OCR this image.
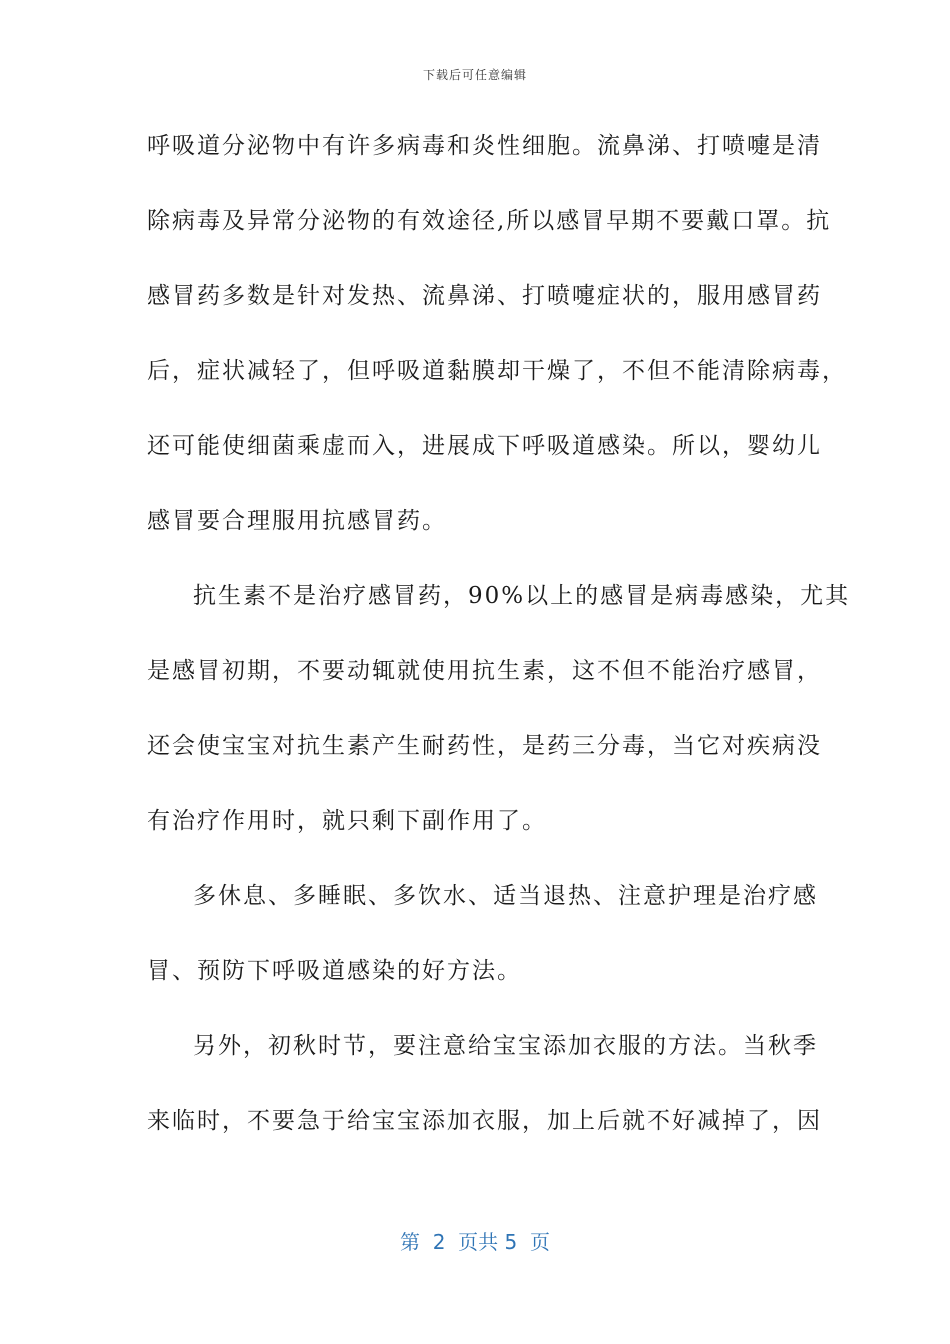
下载后可任意编辑
呼吸道分泌物中有许多病毒和炎性细胞。流鼻涕、打喷嚏是清
除病毒及异常分泌物的有效途径,所以感冒早期不要戴口罩。抗
感冒药多数是针对发热、流鼻涕、打喷嚏症状的，服用感冒药
后，症状减轻了，但呼吸道黏膜却干燥了，不但不能清除病毒，
还可能使细菌乘虚而入，进展成下呼吸道感染。所以，婴幼儿
感冒要合理服用抗感冒药。
抗生素不是治疗感冒药，90%以上的感冒是病毒感染，尤其
是感冒初期，不要动辄就使用抗生素，这不但不能治疗感冒，
还会使宝宝对抗生素产生耐药性，是药三分毒，当它对疾病没
有治疗作用时，就只剩下副作用了。
多休息、多睡眠、多饮水、适当退热、注意护理是治疗感
冒、预防下呼吸道感染的好方法。
另外，初秋时节，要注意给宝宝添加衣服的方法。当秋季
来临时，不要急于给宝宝添加衣服，加上后就不好减掉了，因
第  2  页共 5  页
